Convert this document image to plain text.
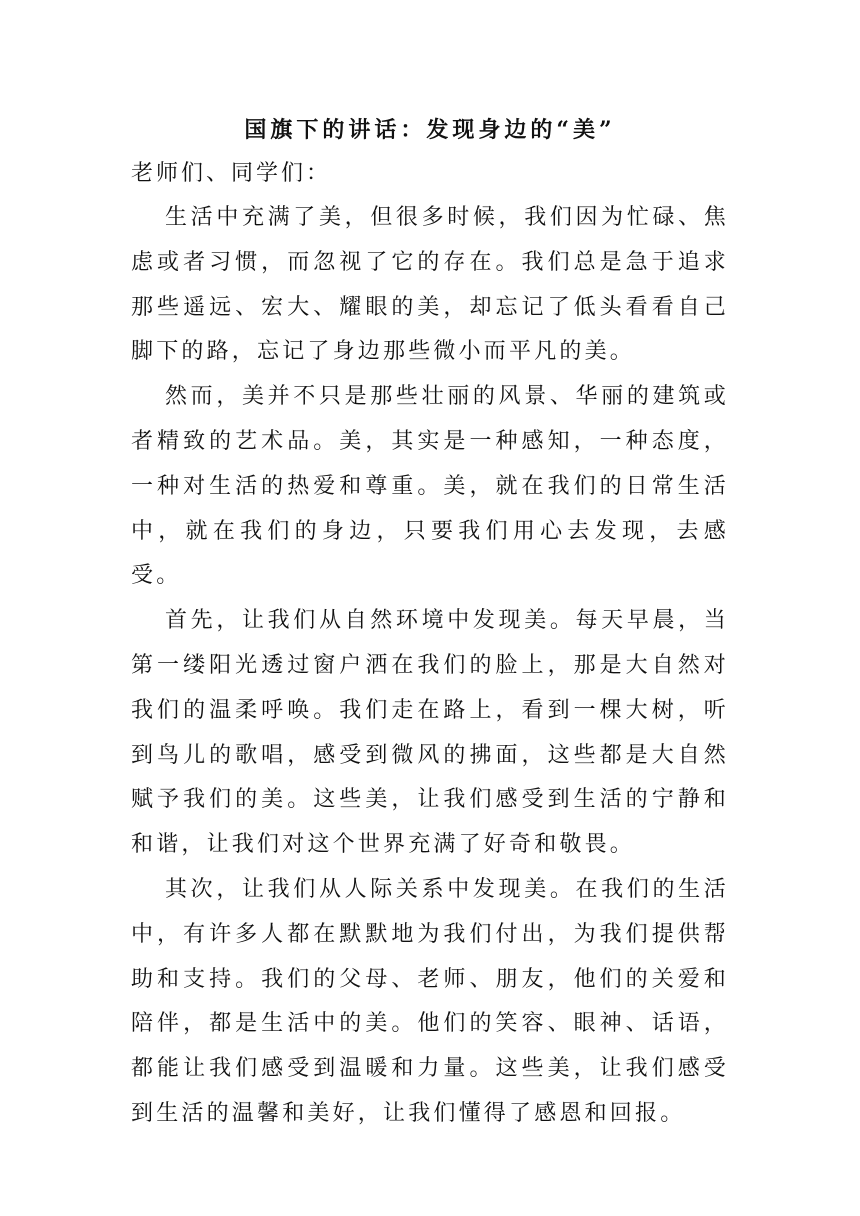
国旗下的讲话：发现身边的“美”

老师们、同学们：

生活中充满了美，但很多时候，我们因为忙碌、焦虑或者习惯，而忽视了它的存在。我们总是急于追求那些遥远、宏大、耀眼的美，却忘记了低头看看自己脚下的路，忘记了身边那些微小而平凡的美。

然而，美并不只是那些壮丽的风景、华丽的建筑或者精致的艺术品。美，其实是一种感知，一种态度，一种对生活的热爱和尊重。美，就在我们的日常生活中，就在我们的身边，只要我们用心去发现，去感受。

首先，让我们从自然环境中发现美。每天早晨，当第一缕阳光透过窗户洒在我们的脸上，那是大自然对我们的温柔呼唤。我们走在路上，看到一棵大树，听到鸟儿的歌唱，感受到微风的拂面，这些都是大自然赋予我们的美。这些美，让我们感受到生活的宁静和和谐，让我们对这个世界充满了好奇和敬畏。

其次，让我们从人际关系中发现美。在我们的生活中，有许多人都在默默地为我们付出，为我们提供帮助和支持。我们的父母、老师、朋友，他们的关爱和陪伴，都是生活中的美。他们的笑容、眼神、话语，都能让我们感受到温暖和力量。这些美，让我们感受到生活的温馨和美好，让我们懂得了感恩和回报。
